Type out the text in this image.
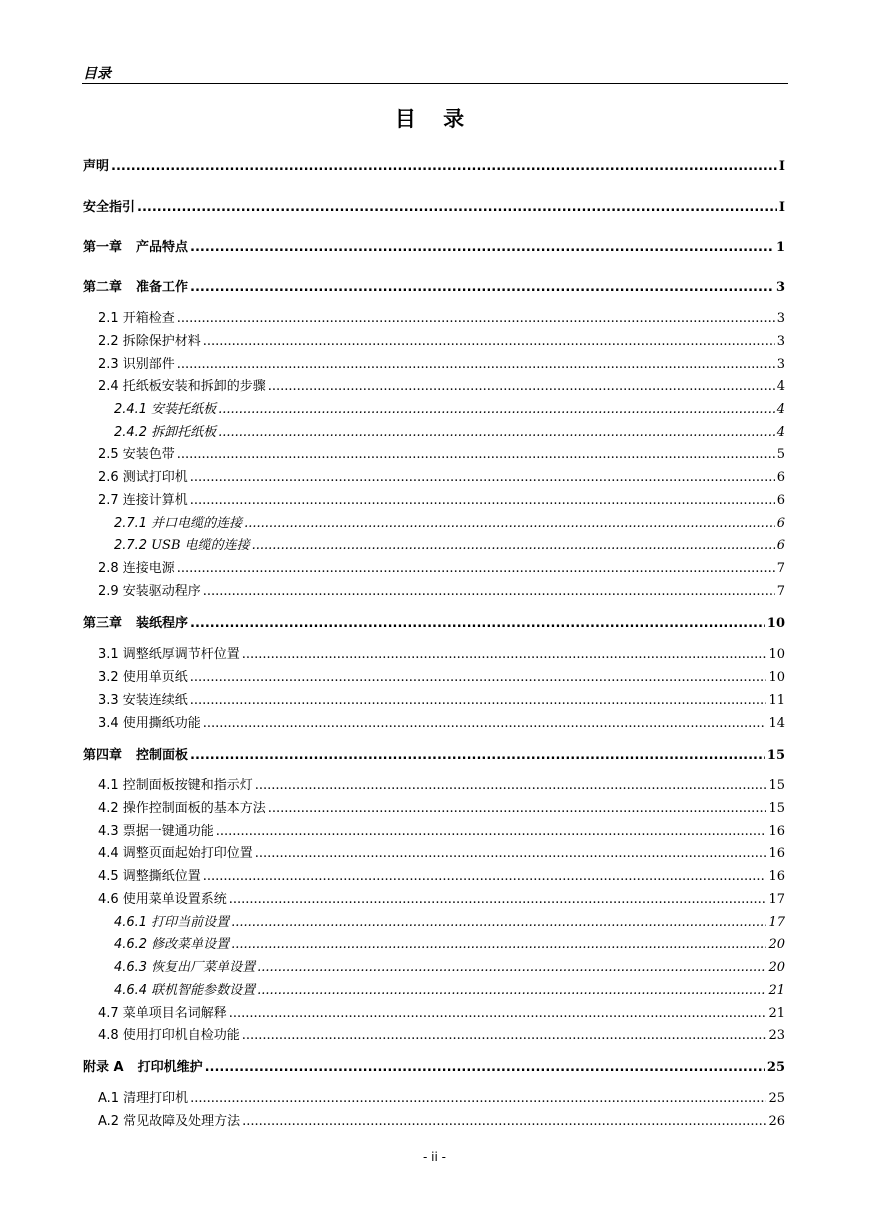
目录
目 录
声明 .....	I
安全指引 .....	I
第一章 产品特点 .....	1
第二章 准备工作 .....	3
2.1 开箱检查 .....	3
2.2 拆除保护材料 .....	3
2.3 识别部件 .....	3
2.4 托纸板安装和拆卸的步骤 .....	4
2.4.1 安装托纸板 .....	4
2.4.2 拆卸托纸板 .....	4
2.5 安装色带 .....	5
2.6 测试打印机 .....	6
2.7 连接计算机 .....	6
2.7.1 并口电缆的连接 .....	6
2.7.2 USB 电缆的连接 .....	6
2.8 连接电源 .....	7
2.9 安装驱动程序 .....	7
第三章 装纸程序 .....	10
3.1 调整纸厚调节杆位置 .....	10
3.2 使用单页纸 .....	10
3.3 安装连续纸 .....	11
3.4 使用撕纸功能 .....	14
第四章 控制面板 .....	15
4.1 控制面板按键和指示灯 .....	15
4.2 操作控制面板的基本方法 .....	15
4.3 票据一键通功能 .....	16
4.4 调整页面起始打印位置 .....	16
4.5 调整撕纸位置 .....	16
4.6 使用菜单设置系统 .....	17
4.6.1 打印当前设置 .....	17
4.6.2 修改菜单设置 .....	20
4.6.3 恢复出厂菜单设置 .....	20
4.6.4 联机智能参数设置 .....	21
4.7 菜单项目名词解释 .....	21
4.8 使用打印机自检功能 .....	23
附录 A 打印机维护 .....	25
A.1 清理打印机 .....	25
A.2 常见故障及处理方法 .....	26
- ii -
